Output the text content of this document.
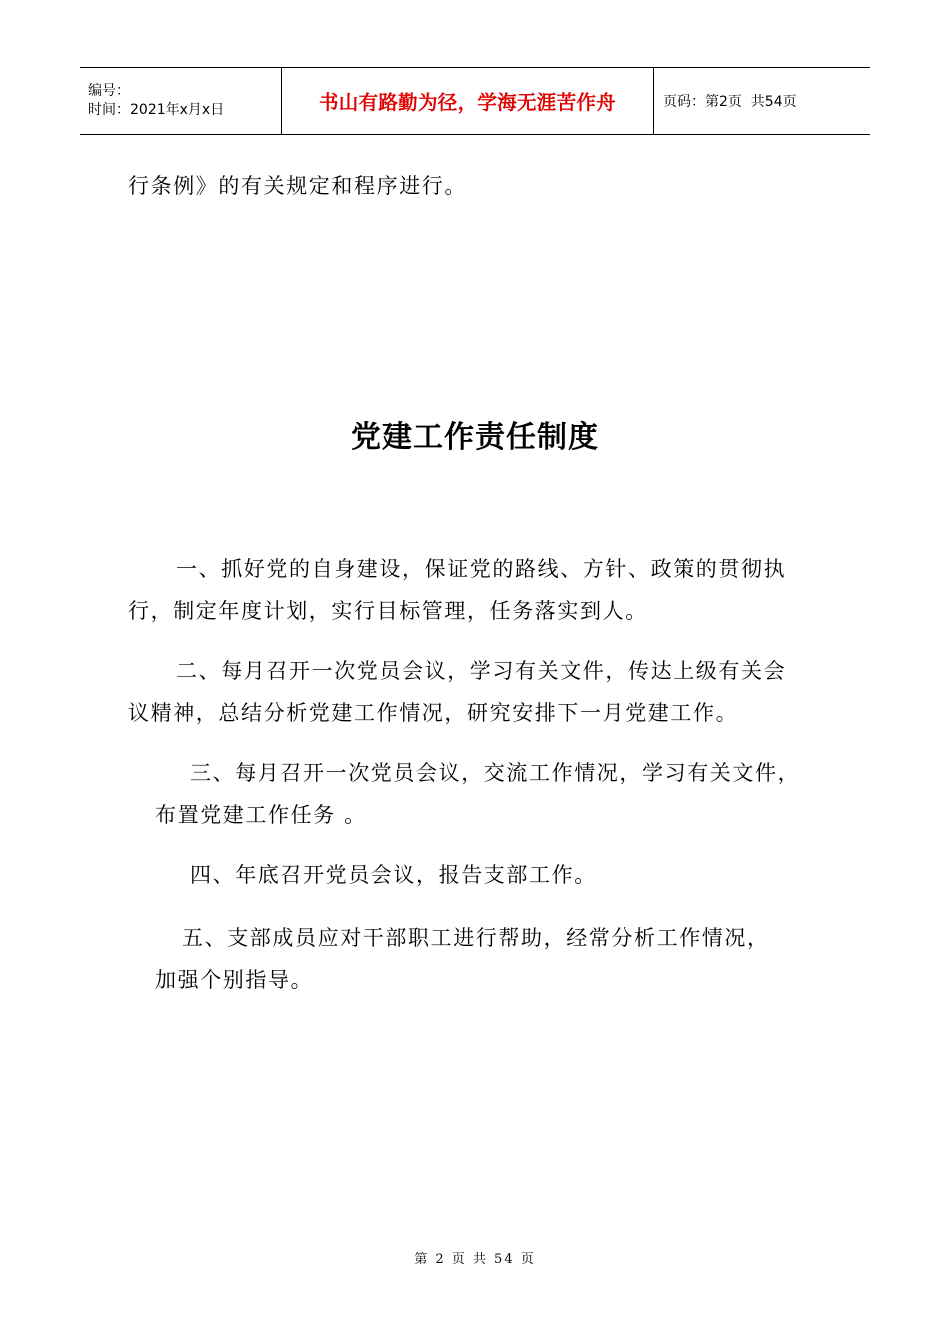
编号：
时间：2021年x月x日	书山有路勤为径，学海无涯苦作舟	页码：第2页  共54页

行条例》的有关规定和程序进行。

党建工作责任制度

一、抓好党的自身建设，保证党的路线、方针、政策的贯彻执

行，制定年度计划，实行目标管理，任务落实到人。

二、每月召开一次党员会议，学习有关文件，传达上级有关会

议精神，总结分析党建工作情况，研究安排下一月党建工作。

三、每月召开一次党员会议，交流工作情况，学习有关文件，

布置党建工作任务 。

四、年底召开党员会议，报告支部工作。

五、支部成员应对干部职工进行帮助，经常分析工作情况，

加强个别指导。

第 2 页 共 54 页
